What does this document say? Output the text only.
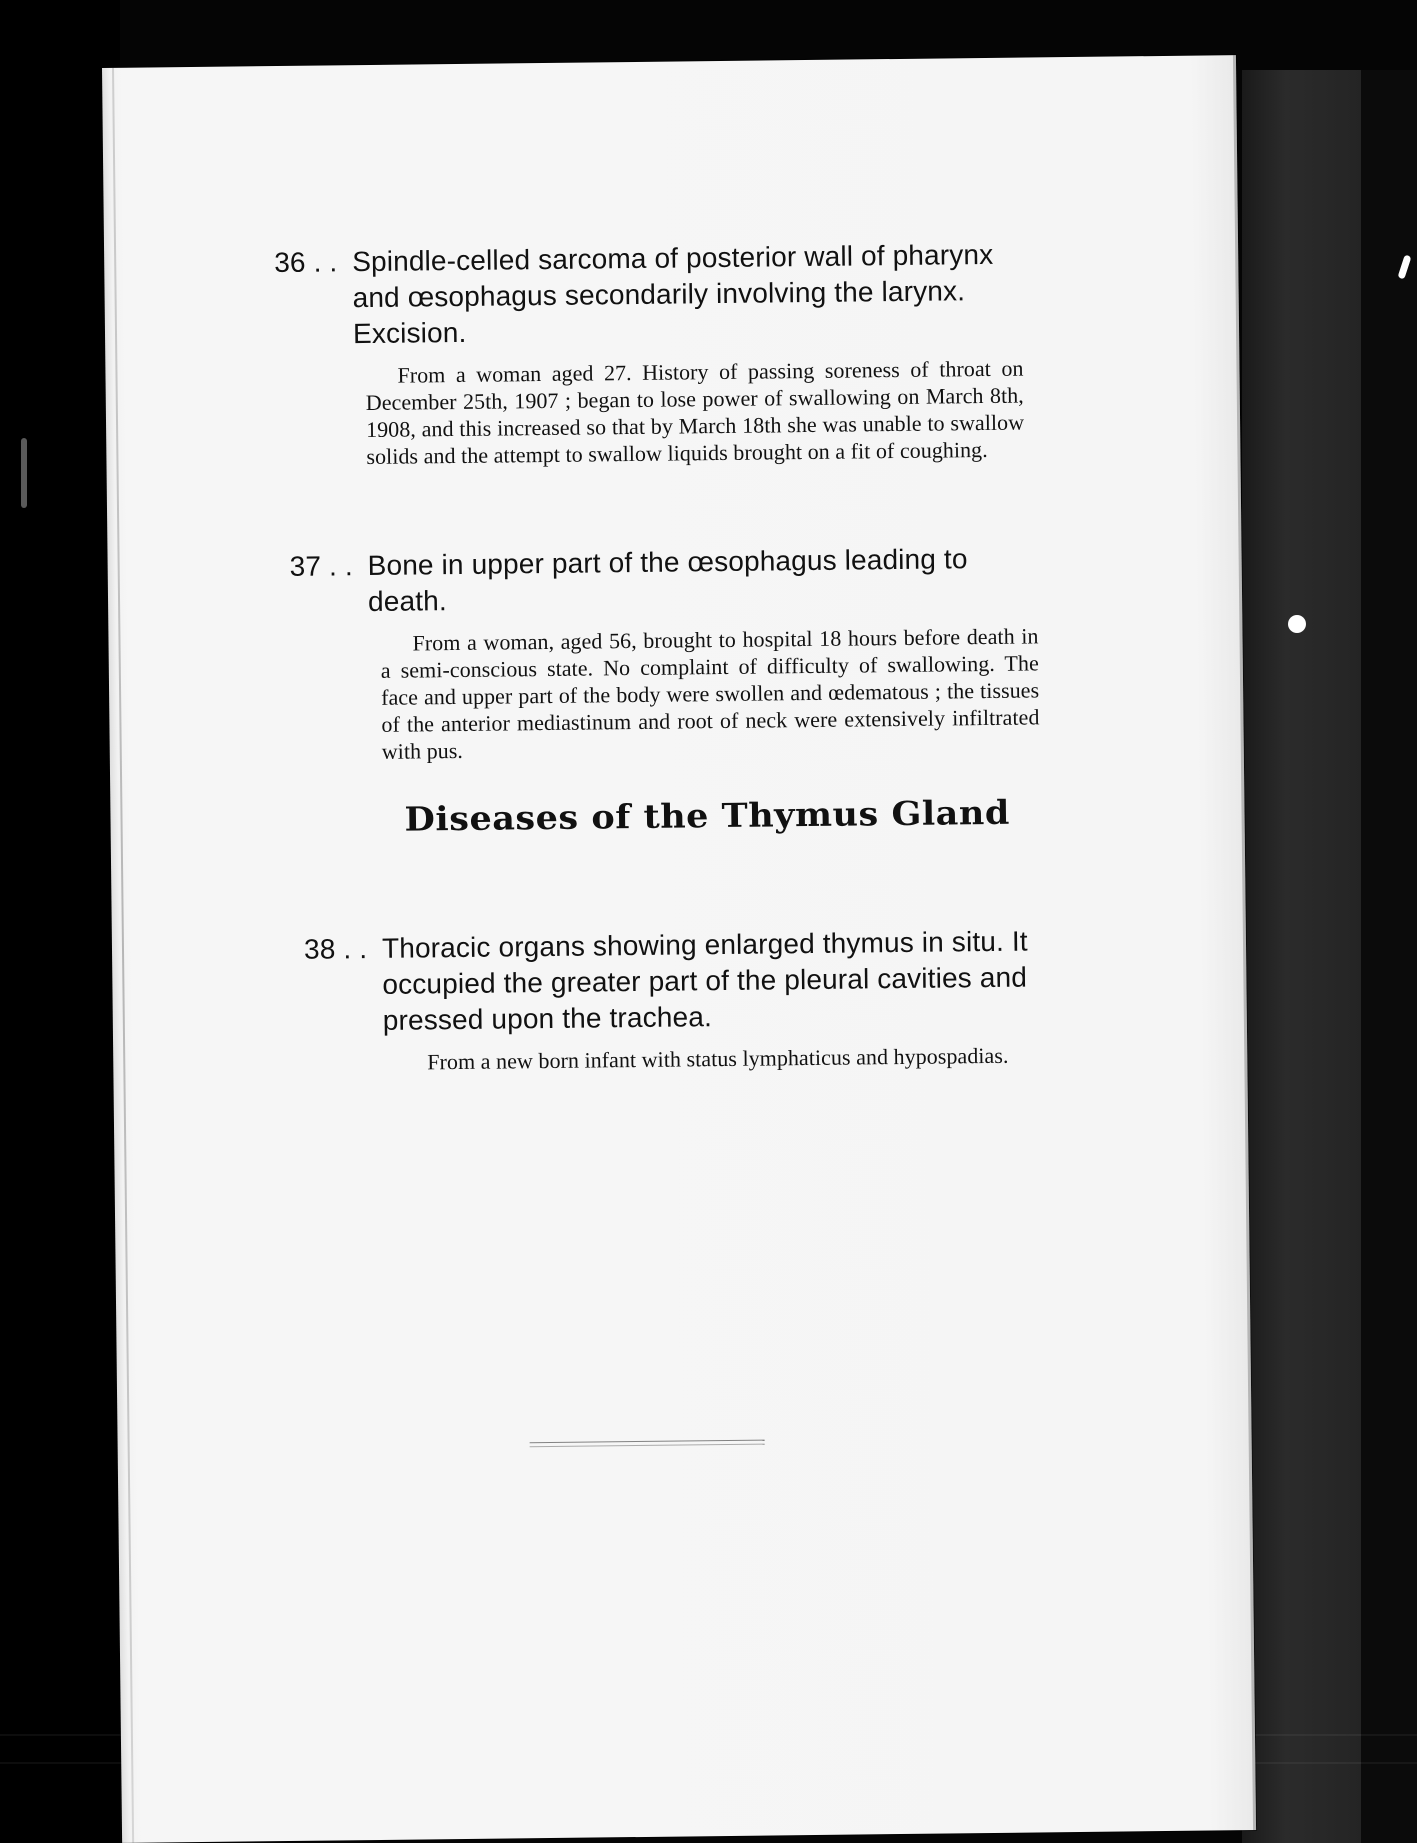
36 . . Spindle-celled sarcoma of posterior wall of pharynx and œsophagus secondarily involving the larynx. Excision.
From a woman aged 27. History of passing soreness of throat on December 25th, 1907 ; began to lose power of swallowing on March 8th, 1908, and this increased so that by March 18th she was unable to swallow solids and the attempt to swallow liquids brought on a fit of coughing.
37 . . Bone in upper part of the œsophagus leading to death.
From a woman, aged 56, brought to hospital 18 hours before death in a semi-conscious state. No complaint of difficulty of swallowing. The face and upper part of the body were swollen and œdematous ; the tissues of the anterior mediastinum and root of neck were extensively infiltrated with pus.
Diseases of the Thymus Gland
38 . . Thoracic organs showing enlarged thymus in situ. It occupied the greater part of the pleural cavities and pressed upon the trachea.
From a new born infant with status lymphaticus and hypospadias.
